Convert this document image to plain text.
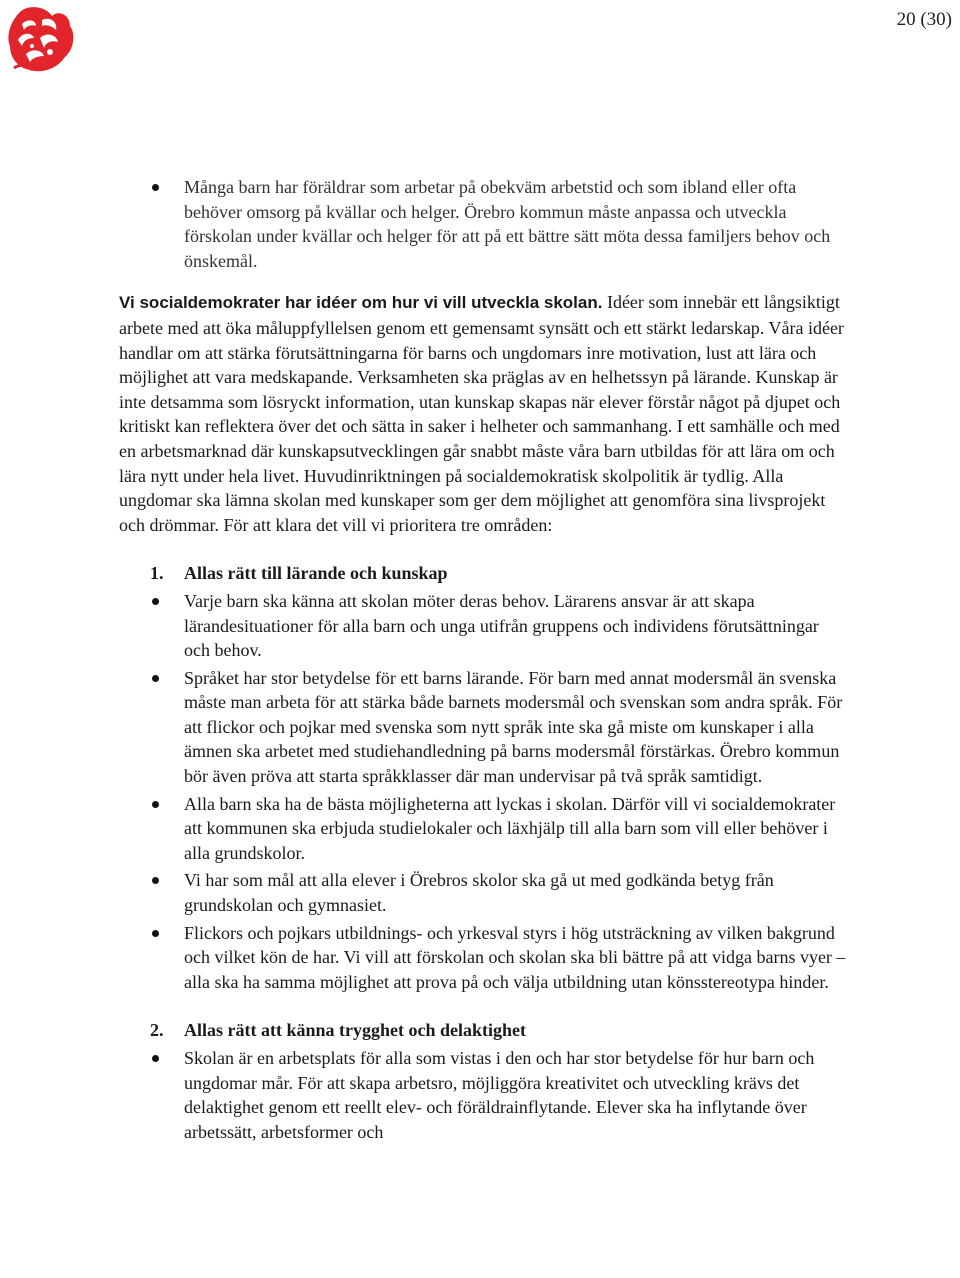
20 (30)
Många barn har föräldrar som arbetar på obekväm arbetstid och som ibland eller ofta behöver omsorg på kvällar och helger. Örebro kommun måste anpassa och utveckla förskolan under kvällar och helger för att på ett bättre sätt möta dessa familjers behov och önskemål.

Vi socialdemokrater har idéer om hur vi vill utveckla skolan. Idéer som innebär ett långsiktigt arbete med att öka måluppfyllelsen genom ett gemensamt synsätt och ett stärkt ledarskap. Våra idéer handlar om att stärka förutsättningarna för barns och ungdomars inre motivation, lust att lära och möjlighet att vara medskapande. Verksamheten ska präglas av en helhetssyn på lärande. Kunskap är inte detsamma som lösryckt information, utan kunskap skapas när elever förstår något på djupet och kritiskt kan reflektera över det och sätta in saker i helheter och sammanhang. I ett samhälle och med en arbetsmarknad där kunskapsutvecklingen går snabbt måste våra barn utbildas för att lära om och lära nytt under hela livet. Huvudinriktningen på socialdemokratisk skolpolitik är tydlig. Alla ungdomar ska lämna skolan med kunskaper som ger dem möjlighet att genomföra sina livsprojekt och drömmar. För att klara det vill vi prioritera tre områden:

1. Allas rätt till lärande och kunskap
Varje barn ska känna att skolan möter deras behov. Lärarens ansvar är att skapa lärandesituationer för alla barn och unga utifrån gruppens och individens förutsättningar och behov.
Språket har stor betydelse för ett barns lärande. För barn med annat modersmål än svenska måste man arbeta för att stärka både barnets modersmål och svenskan som andra språk. För att flickor och pojkar med svenska som nytt språk inte ska gå miste om kunskaper i alla ämnen ska arbetet med studiehandledning på barns modersmål förstärkas. Örebro kommun bör även pröva att starta språkklasser där man undervisar på två språk samtidigt.
Alla barn ska ha de bästa möjligheterna att lyckas i skolan. Därför vill vi socialdemokrater att kommunen ska erbjuda studielokaler och läxhjälp till alla barn som vill eller behöver i alla grundskolor.
Vi har som mål att alla elever i Örebros skolor ska gå ut med godkända betyg från grundskolan och gymnasiet.
Flickors och pojkars utbildnings- och yrkesval styrs i hög utsträckning av vilken bakgrund och vilket kön de har. Vi vill att förskolan och skolan ska bli bättre på att vidga barns vyer – alla ska ha samma möjlighet att prova på och välja utbildning utan könsstereotypa hinder.
2. Allas rätt att känna trygghet och delaktighet
Skolan är en arbetsplats för alla som vistas i den och har stor betydelse för hur barn och ungdomar mår. För att skapa arbetsro, möjliggöra kreativitet och utveckling krävs det delaktighet genom ett reellt elev- och föräldrainflytande. Elever ska ha inflytande över arbetssätt, arbetsformer och
